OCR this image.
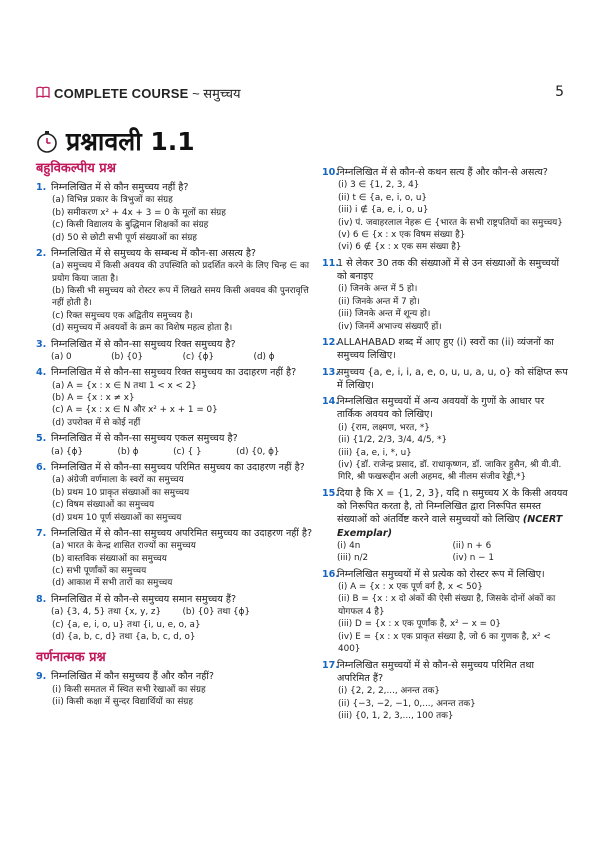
COMPLETE COURSE ~ समुच्चय	5
प्रश्नावली 1.1
बहुविकल्पीय प्रश्न
1. निम्नलिखित में से कौन समुच्चय नहीं है?
(a) विभिन्न प्रकार के त्रिभुजों का संग्रह
(b) समीकरण x² + 4x + 3 = 0 के मूलों का संग्रह
(c) किसी विद्यालय के बुद्धिमान शिक्षकों का संग्रह
(d) 50 से छोटी सभी पूर्ण संख्याओं का संग्रह
2. निम्नलिखित में से समुच्चय के सम्बन्ध में कौन-सा असत्य है?
(a) समुच्चय में किसी अवयव की उपस्थिति को प्रदर्शित करने के लिए चिन्ह ∈ का प्रयोग किया जाता है।
(b) किसी भी समुच्चय को रोस्टर रूप में लिखते समय किसी अवयव की पुनरावृत्ति नहीं होती है।
(c) रिक्त समुच्चय एक अद्वितीय समुच्चय है।
(d) समुच्चय में अवयवों के क्रम का विशेष महत्व होता है।
3. निम्नलिखित में से कौन-सा समुच्चय रिक्त समुच्चय है?
(a) 0	(b) {0}	(c) {ϕ}	(d) ϕ
4. निम्नलिखित में से कौन-सा समुच्चय रिक्त समुच्चय का उदाहरण नहीं है?
(a) A = {x : x ∈ N तथा 1 < x < 2}
(b) A = {x : x ≠ x}
(c) A = {x : x ∈ N और x² + x + 1 = 0}
(d) उपरोक्त में से कोई नहीं
5. निम्नलिखित में से कौन-सा समुच्चय एकल समुच्चय है?
(a) {ϕ}	(b) ϕ	(c) { }	(d) {0, ϕ}
6. निम्नलिखित में से कौन-सा समुच्चय परिमित समुच्चय का उदाहरण नहीं है?
(a) अंग्रेजी वर्णमाला के स्वरों का समुच्चय
(b) प्रथम 10 प्राकृत संख्याओं का समुच्चय
(c) विषम संख्याओं का समुच्चय
(d) प्रथम 10 पूर्ण संख्याओं का समुच्चय
7. निम्नलिखित में से कौन-सा समुच्चय अपरिमित समुच्चय का उदाहरण नहीं है?
(a) भारत के केन्द्र शासित राज्यों का समुच्चय
(b) वास्तविक संख्याओं का समुच्चय
(c) सभी पूर्णांकों का समुच्चय
(d) आकाश में सभी तारों का समुच्चय
8. निम्नलिखित में से कौन-से समुच्चय समान समुच्चय हैं?
(a) {3, 4, 5} तथा {x, y, z}	(b) {0} तथा {ϕ}
(c) {a, e, i, o, u} तथा {i, u, e, o, a}
(d) {a, b, c, d} तथा {a, b, c, d, o}
वर्णनात्मक प्रश्न
9. निम्नलिखित में कौन समुच्चय हैं और कौन नहीं?
(i) किसी समतल में स्थित सभी रेखाओं का संग्रह
(ii) किसी कक्षा में सुन्दर विद्यार्थियों का संग्रह
10.
निम्नलिखित में से कौन-से कथन सत्य हैं और कौन-से असत्य?
(i) 3 ∈ {1, 2, 3, 4}
(ii) t ∈ {a, e, i, o, u}
(iii) i ∉ {a, e, i, o, u}
(iv) पं. जवाहरलाल नेहरू ∈ {भारत के सभी राष्ट्रपतियों का समुच्चय}
(v) 6 ∈ {x : x एक विषम संख्या है}
(vi) 6 ∉ {x : x एक सम संख्या है}
11.
1 से लेकर 30 तक की संख्याओं में से उन संख्याओं के समुच्चयों को बनाइए
(i) जिनके अन्त में 5 हो।
(ii) जिनके अन्त में 7 हो।
(iii) जिनके अन्त में शून्य हो।
(iv) जिनमें अभाज्य संख्याएँ हों।
12.
ALLAHABAD शब्द में आए हुए (i) स्वरों का (ii) व्यंजनों का समुच्चय लिखिए।
13.
समुच्चय {a, e, i, i, a, e, o, u, u, a, u, o} को संक्षिप्त रूप में लिखिए।
14.
निम्नलिखित समुच्चयों में अन्य अवयवों के गुणों के आधार पर तार्किक अवयव को लिखिए।
(i) {राम, लक्ष्मण, भरत, *}
(ii) {1/2, 2/3, 3/4, 4/5, *}
(iii) {a, e, i, *, u}
(iv) {डॉ. राजेन्द्र प्रसाद, डॉ. राधाकृष्णन, डॉ. जाकिर हुसैन, श्री वी.वी. गिरि, श्री फखरूद्दीन अली अहमद, श्री नीलम संजीव रेड्डी,*}
15.
दिया है कि X = {1, 2, 3}, यदि n समुच्चय X के किसी अवयव को निरूपित करता है, तो निम्नलिखित द्वारा निरूपित समस्त संख्याओं को अंतर्विष्ट करने वाले समुच्चयों को लिखिए (NCERT Exemplar)
(i) 4n	(ii) n + 6
(iii) n/2	(iv) n − 1
16.
निम्नलिखित समुच्चयों में से प्रत्येक को रोस्टर रूप में लिखिए।
(i) A = {x : x एक पूर्ण वर्ग है, x < 50}
(ii) B = {x : x दो अंकों की ऐसी संख्या है, जिसके दोनों अंकों का योगफल 4 है}
(iii) D = {x : x एक पूर्णांक है, x² − x = 0}
(iv) E = {x : x एक प्राकृत संख्या है, जो 6 का गुणक है, x² < 400}
17.
निम्नलिखित समुच्चयों में से कौन-से समुच्चय परिमित तथा अपरिमित हैं?
(i) {2, 2, 2,..., अनन्त तक}
(ii) {−3, −2, −1, 0,..., अनन्त तक}
(iii) {0, 1, 2, 3,..., 100 तक}
